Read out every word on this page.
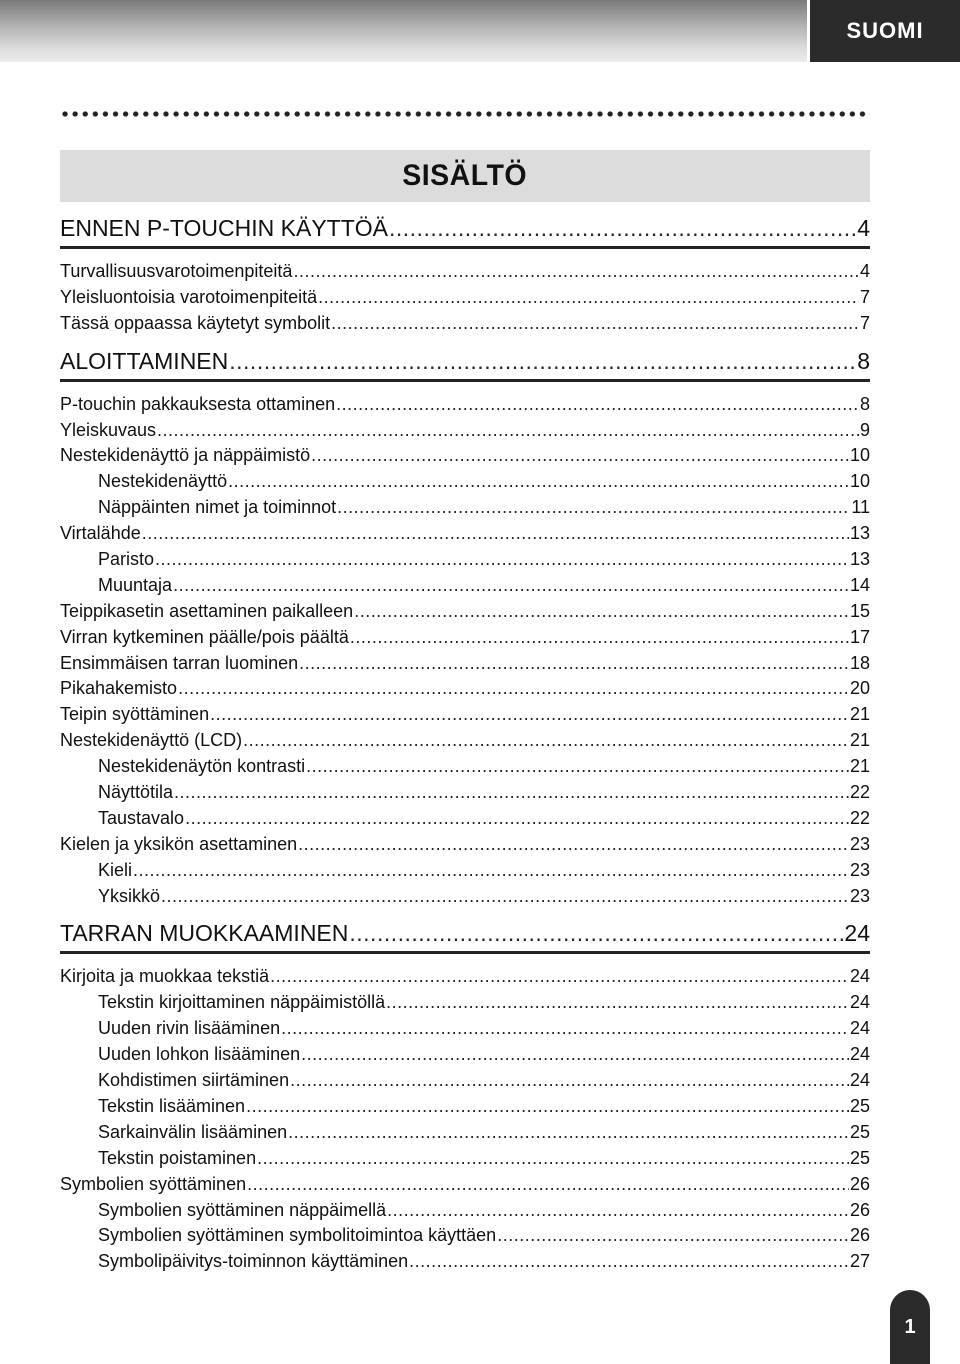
SUOMI
SISÄLTÖ
ENNEN P-TOUCHIN KÄYTTÖÄ .....	4
Turvallisuusvarotoimenpiteitä .....	4
Yleisluontoisia varotoimenpiteitä .....	7
Tässä oppaassa käytetyt symbolit .....	7
ALOITTAMINEN .....	8
P-touchin pakkauksesta ottaminen .....	8
Yleiskuvaus .....	9
Nestekidenäyttö ja näppäimistö .....	10
Nestekidenäyttö .....	10
Näppäinten nimet ja toiminnot .....	11
Virtalähde .....	13
Paristo .....	13
Muuntaja .....	14
Teippikasetin asettaminen paikalleen .....	15
Virran kytkeminen päälle/pois päältä .....	17
Ensimmäisen tarran luominen .....	18
Pikahakemisto .....	20
Teipin syöttäminen .....	21
Nestekidenäyttö (LCD) .....	21
Nestekidenäytön kontrasti .....	21
Näyttötila .....	22
Taustavalo .....	22
Kielen ja yksikön asettaminen .....	23
Kieli .....	23
Yksikkö .....	23
TARRAN MUOKKAAMINEN .....	24
Kirjoita ja muokkaa tekstiä .....	24
Tekstin kirjoittaminen näppäimistöllä .....	24
Uuden rivin lisääminen .....	24
Uuden lohkon lisääminen .....	24
Kohdistimen siirtäminen .....	24
Tekstin lisääminen .....	25
Sarkainvälin lisääminen .....	25
Tekstin poistaminen .....	25
Symbolien syöttäminen .....	26
Symbolien syöttäminen näppäimellä .....	26
Symbolien syöttäminen symbolitoimintoa käyttäen .....	26
Symbolipäivitys-toiminnon käyttäminen .....	27
1
